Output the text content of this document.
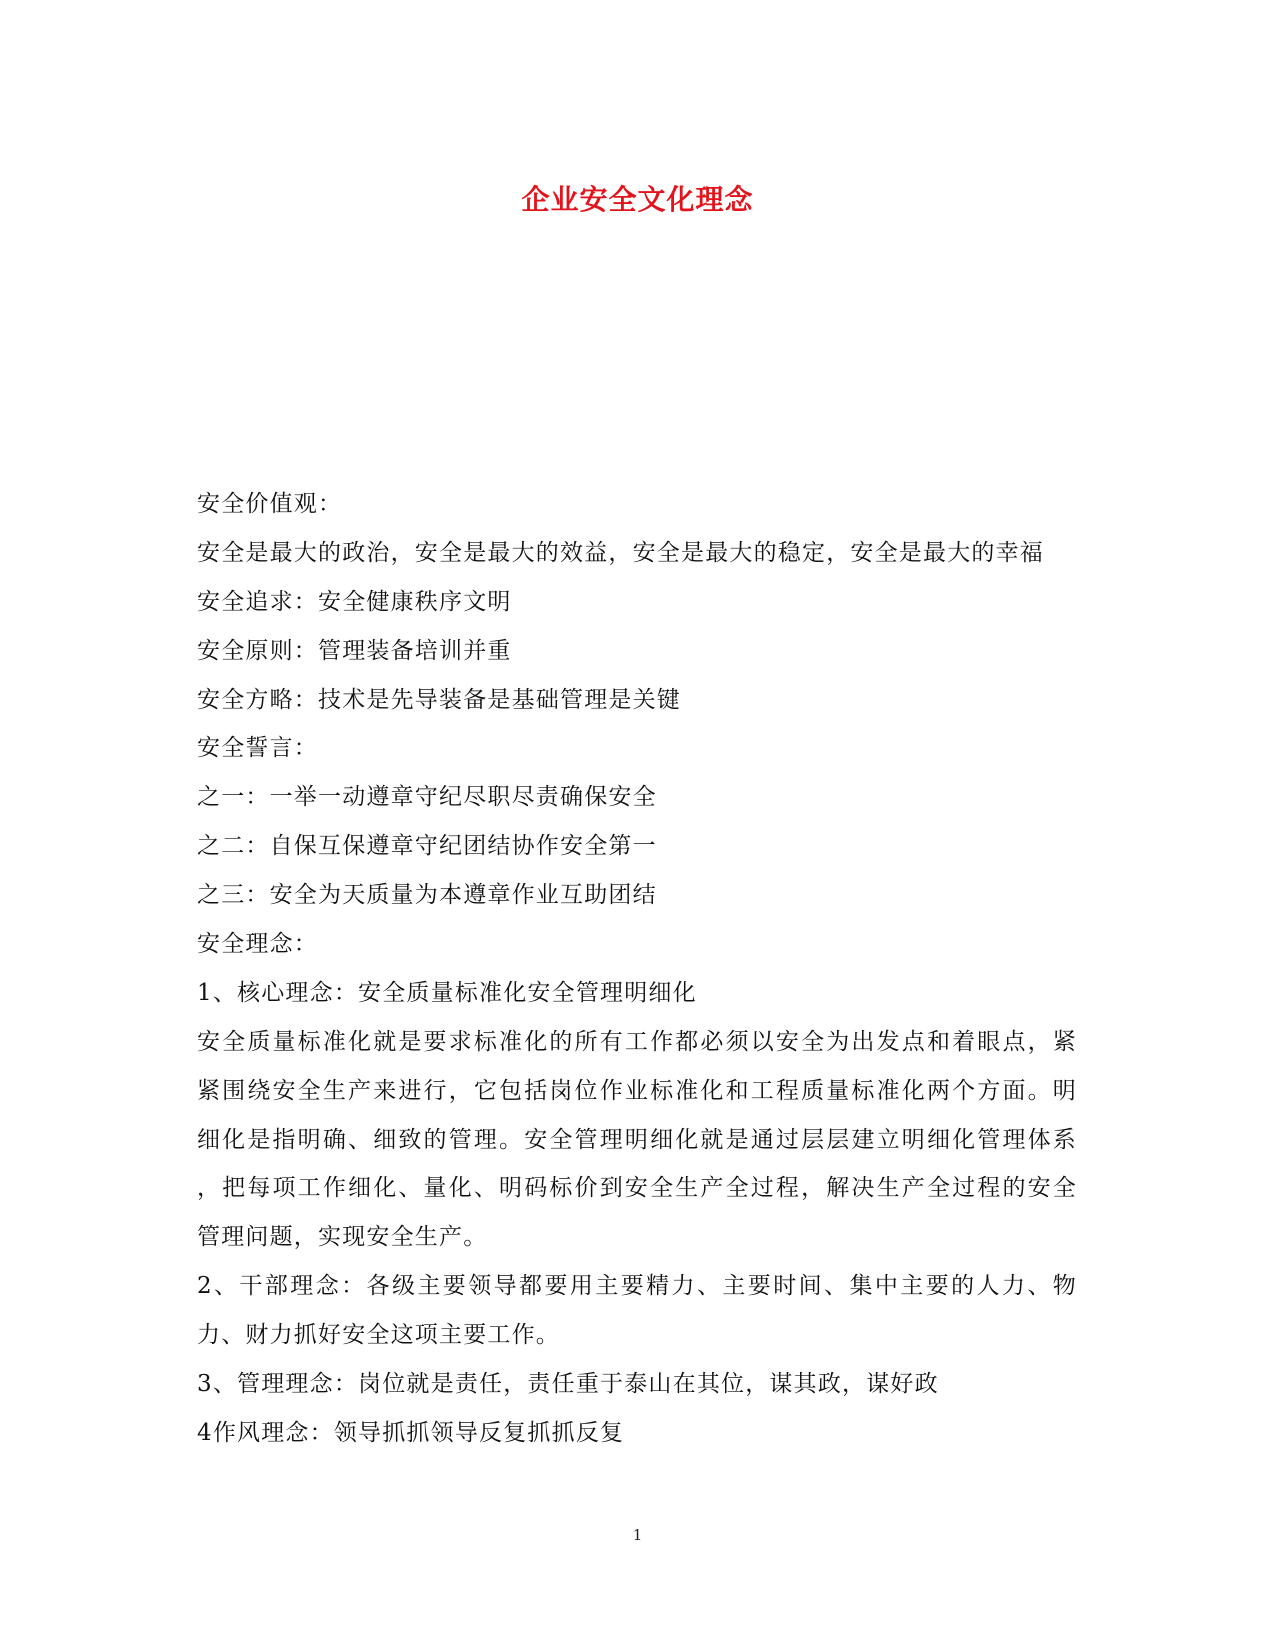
企业安全文化理念
安全价值观：
安全是最大的政治，安全是最大的效益，安全是最大的稳定，安全是最大的幸福
安全追求：安全健康秩序文明
安全原则：管理装备培训并重
安全方略：技术是先导装备是基础管理是关键
安全誓言：
之一：一举一动遵章守纪尽职尽责确保安全
之二：自保互保遵章守纪团结协作安全第一
之三：安全为天质量为本遵章作业互助团结
安全理念：
1、核心理念：安全质量标准化安全管理明细化
安全质量标准化就是要求标准化的所有工作都必须以安全为出发点和着眼点，紧
紧围绕安全生产来进行，它包括岗位作业标准化和工程质量标准化两个方面。明
细化是指明确、细致的管理。安全管理明细化就是通过层层建立明细化管理体系
，把每项工作细化、量化、明码标价到安全生产全过程，解决生产全过程的安全
管理问题，实现安全生产。
2、干部理念：各级主要领导都要用主要精力、主要时间、集中主要的人力、物
力、财力抓好安全这项主要工作。
3、管理理念：岗位就是责任，责任重于泰山在其位，谋其政，谋好政
4作风理念：领导抓抓领导反复抓抓反复
1
